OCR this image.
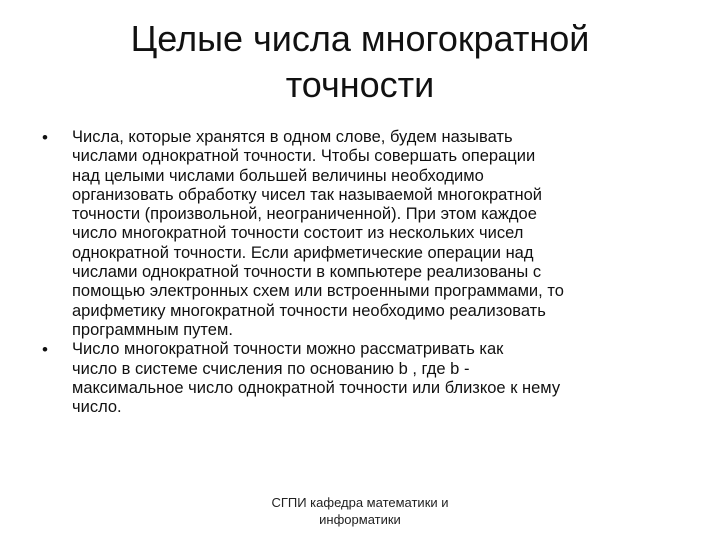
Целые числа многократной
точности
• Числа, которые хранятся в одном слове, будем называть
числами однократной точности. Чтобы совершать операции
над целыми числами большей величины необходимо
организовать обработку чисел так называемой многократной
точности (произвольной, неограниченной). При этом каждое
число многократной точности состоит из нескольких чисел
однократной точности. Если арифметические операции над
числами однократной точности в компьютере реализованы с
помощью электронных схем или встроенными программами, то
арифметику многократной точности необходимо реализовать
программным путем.
• Число многократной точности можно рассматривать как
число в системе счисления по основанию b , где b -
максимальное число однократной точности или близкое к нему
число.
СГПИ кафедра математики и
информатики
